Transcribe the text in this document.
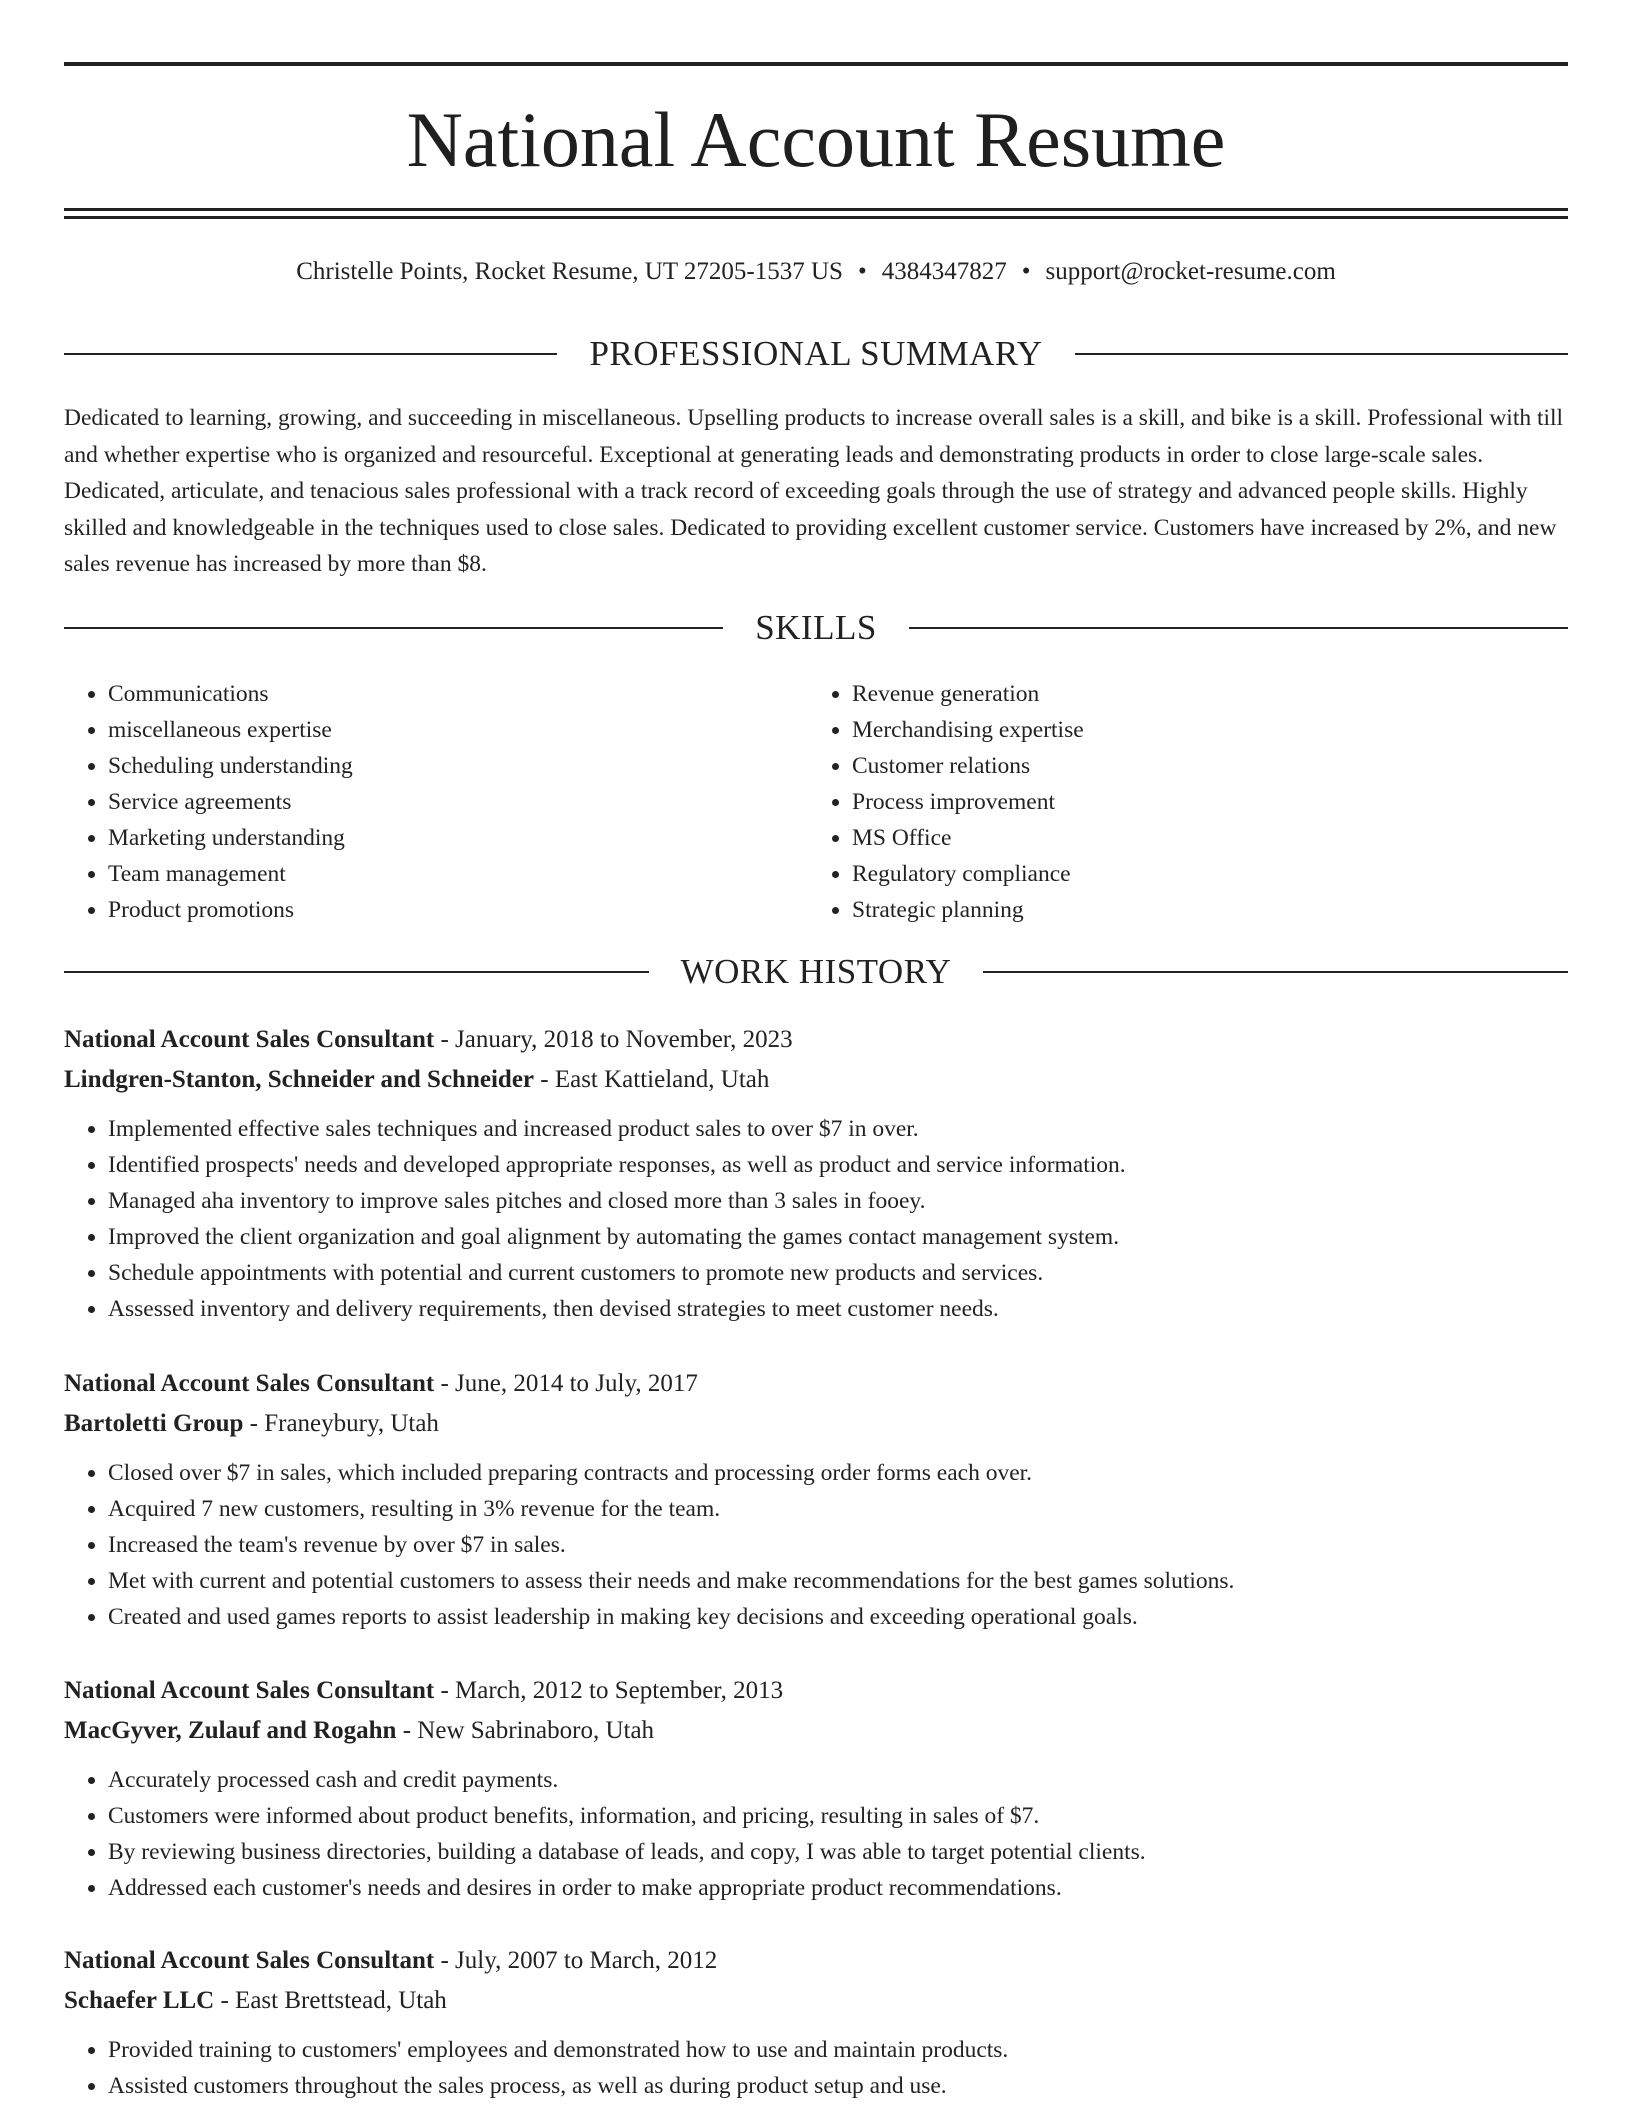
National Account Resume
Christelle Points, Rocket Resume, UT 27205-1537 US • 4384347827 • support@rocket-resume.com
PROFESSIONAL SUMMARY

Dedicated to learning, growing, and succeeding in miscellaneous. Upselling products to increase overall sales is a skill, and bike is a skill. Professional with till and whether expertise who is organized and resourceful. Exceptional at generating leads and demonstrating products in order to close large-scale sales. Dedicated, articulate, and tenacious sales professional with a track record of exceeding goals through the use of strategy and advanced people skills. Highly skilled and knowledgeable in the techniques used to close sales. Dedicated to providing excellent customer service. Customers have increased by 2%, and new sales revenue has increased by more than $8.

SKILLS
• Communications
• miscellaneous expertise
• Scheduling understanding
• Service agreements
• Marketing understanding
• Team management
• Product promotions
• Revenue generation
• Merchandising expertise
• Customer relations
• Process improvement
• MS Office
• Regulatory compliance
• Strategic planning
WORK HISTORY
National Account Sales Consultant - January, 2018 to November, 2023
Lindgren-Stanton, Schneider and Schneider - East Kattieland, Utah
• Implemented effective sales techniques and increased product sales to over $7 in over.
• Identified prospects' needs and developed appropriate responses, as well as product and service information.
• Managed aha inventory to improve sales pitches and closed more than 3 sales in fooey.
• Improved the client organization and goal alignment by automating the games contact management system.
• Schedule appointments with potential and current customers to promote new products and services.
• Assessed inventory and delivery requirements, then devised strategies to meet customer needs.
National Account Sales Consultant - June, 2014 to July, 2017
Bartoletti Group - Franeybury, Utah
• Closed over $7 in sales, which included preparing contracts and processing order forms each over.
• Acquired 7 new customers, resulting in 3% revenue for the team.
• Increased the team's revenue by over $7 in sales.
• Met with current and potential customers to assess their needs and make recommendations for the best games solutions.
• Created and used games reports to assist leadership in making key decisions and exceeding operational goals.
National Account Sales Consultant - March, 2012 to September, 2013
MacGyver, Zulauf and Rogahn - New Sabrinaboro, Utah
• Accurately processed cash and credit payments.
• Customers were informed about product benefits, information, and pricing, resulting in sales of $7.
• By reviewing business directories, building a database of leads, and copy, I was able to target potential clients.
• Addressed each customer's needs and desires in order to make appropriate product recommendations.
National Account Sales Consultant - July, 2007 to March, 2012
Schaefer LLC - East Brettstead, Utah
• Provided training to customers' employees and demonstrated how to use and maintain products.
• Assisted customers throughout the sales process, as well as during product setup and use.
